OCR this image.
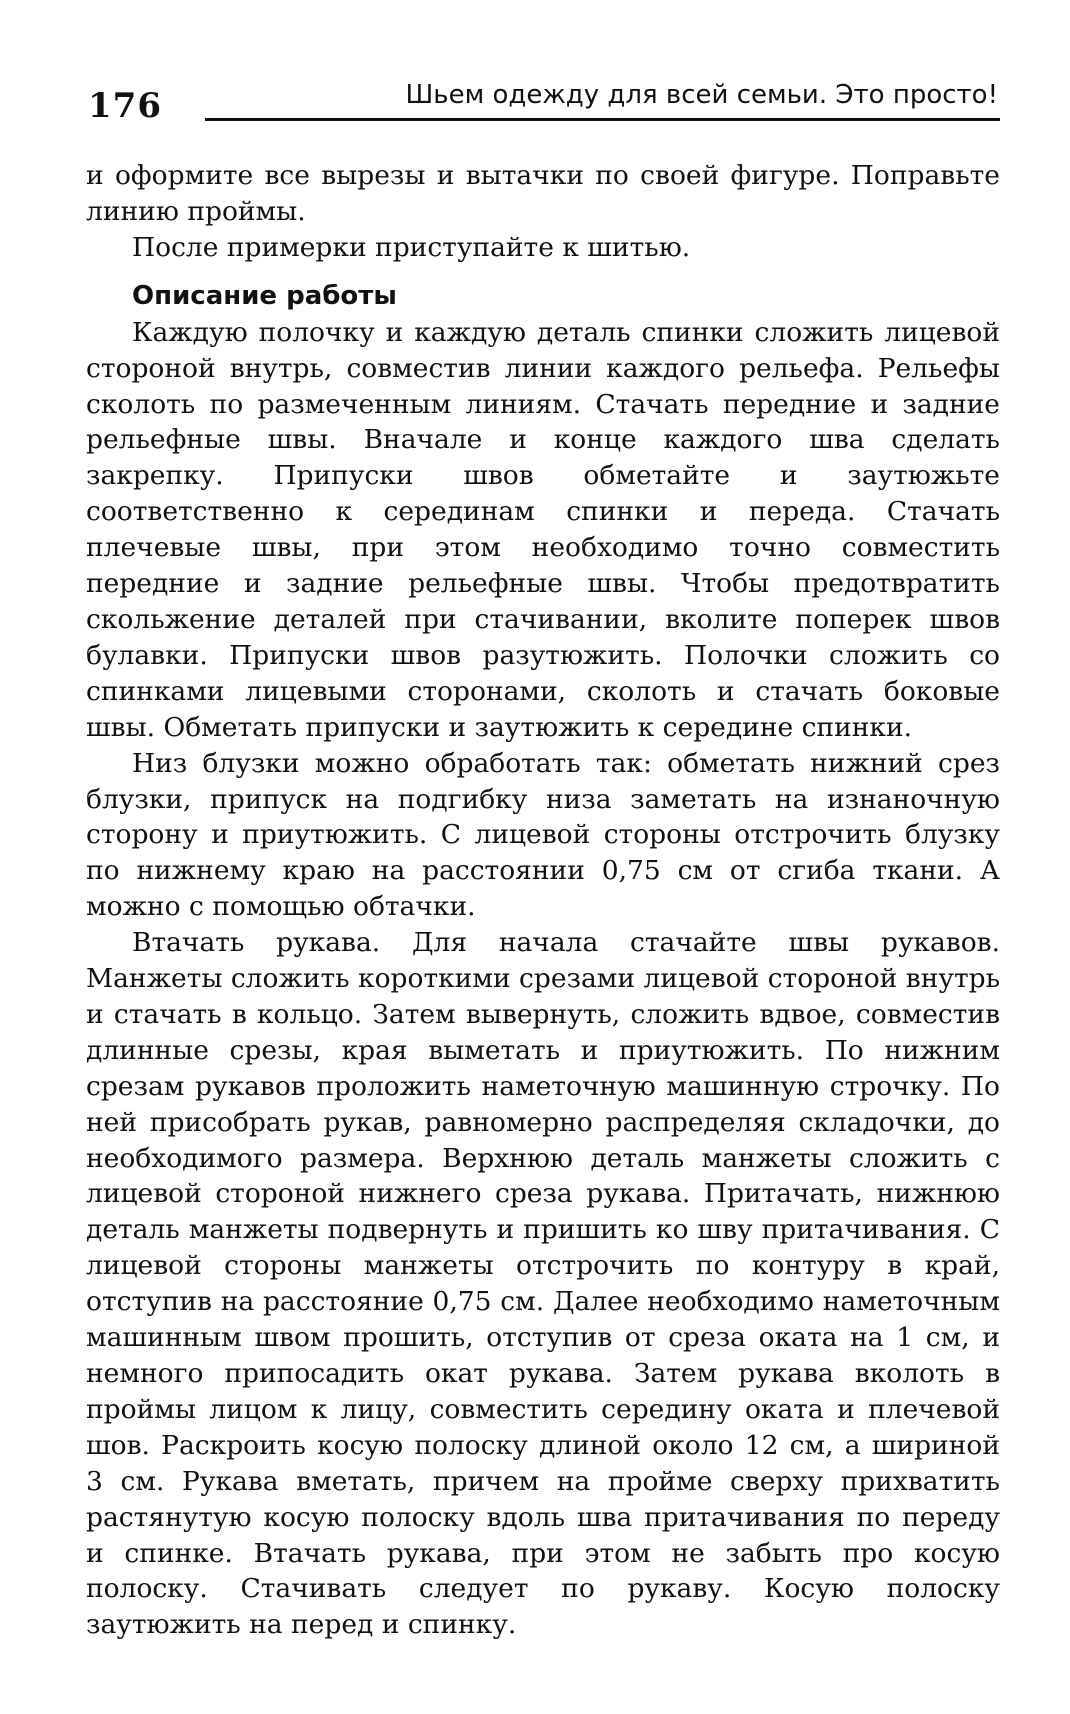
176	Шьем одежду для всей семьи. Это просто!

и оформите все вырезы и вытачки по своей фигуре. Поправьте линию проймы.

После примерки приступайте к шитью.

Описание работы

Каждую полочку и каждую деталь спинки сложить лицевой стороной внутрь, совместив линии каждого рельефа. Рельефы сколоть по размеченным линиям. Стачать передние и задние рельефные швы. Вначале и конце каждого шва сделать закрепку. Припуски швов обметайте и заутюжьте соответственно к серединам спинки и переда. Стачать плечевые швы, при этом необходимо точно совместить передние и задние рельефные швы. Чтобы предотвратить скольжение деталей при стачивании, вколите поперек швов булавки. Припуски швов разутюжить. Полочки сложить со спинками лицевыми сторонами, сколоть и стачать боковые швы. Обметать припуски и заутюжить к середине спинки.

Низ блузки можно обработать так: обметать нижний срез блузки, припуск на подгибку низа заметать на изнаночную сторону и приутюжить. С лицевой стороны отстрочить блузку по нижнему краю на расстоянии 0,75 см от сгиба ткани. А можно с помощью обтачки.

Втачать рукава. Для начала стачайте швы рукавов. Манжеты сложить короткими срезами лицевой стороной внутрь и стачать в кольцо. Затем вывернуть, сложить вдвое, совместив длинные срезы, края выметать и приутюжить. По нижним срезам рукавов проложить наметочную машинную строчку. По ней присобрать рукав, равномерно распределяя складочки, до необходимого размера. Верхнюю деталь манжеты сложить с лицевой стороной нижнего среза рукава. Притачать, нижнюю деталь манжеты подвернуть и пришить ко шву притачивания. С лицевой стороны манжеты отстрочить по контуру в край, отступив на расстояние 0,75 см. Далее необходимо наметочным машинным швом прошить, отступив от среза оката на 1 см, и немного припосадить окат рукава. Затем рукава вколоть в проймы лицом к лицу, совместить середину оката и плечевой шов. Раскроить косую полоску длиной около 12 см, а шириной 3 см. Рукава вметать, причем на пройме сверху прихватить растянутую косую полоску вдоль шва притачивания по переду и спинке. Втачать рукава, при этом не забыть про косую полоску. Стачивать следует по рукаву. Косую полоску заутюжить на перед и спинку.
